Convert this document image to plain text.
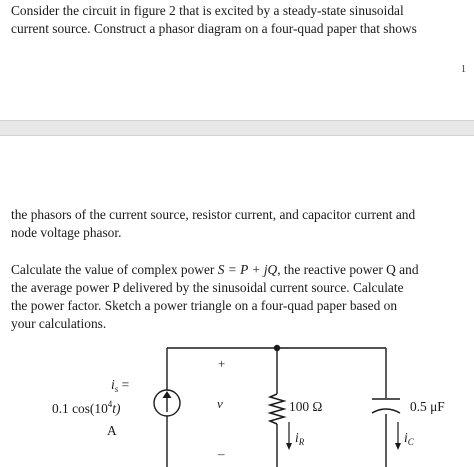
Consider the circuit in figure 2 that is excited by a steady-state sinusoidal
current source. Construct a phasor diagram on a four-quad paper that shows
1
the phasors of the current source, resistor current, and capacitor current and
node voltage phasor.
Calculate the value of complex power S = P + jQ, the reactive power Q and
the average power P delivered by the sinusoidal current source. Calculate
the power factor. Sketch a power triangle on a four-quad paper based on
your calculations.
$i_s$ =
0.1 $\cos(10^4t)$
A
+
v
–
100 Ω
$i_R$
0.5 μF
$i_C$
